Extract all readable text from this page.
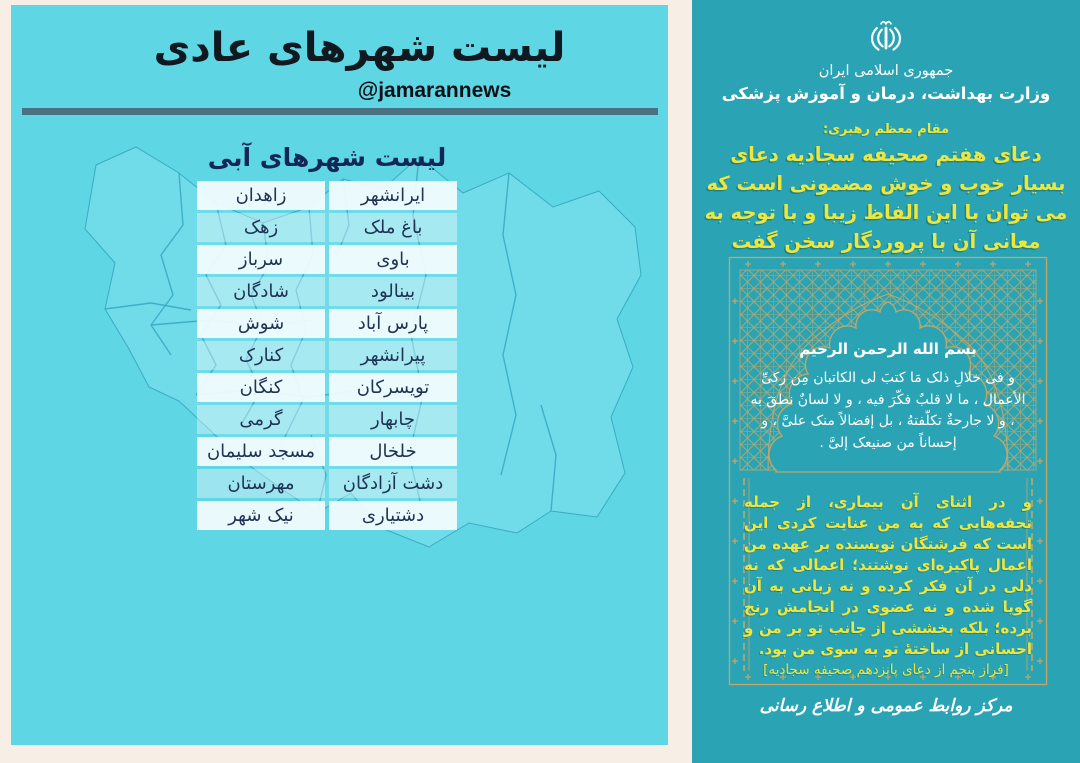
لیست شهرهای عادی
@jamarannews
لیست شهرهای آبی
ایرانشهر
زاهدان
باغ ملک
زهک
باوی
سرباز
بینالود
شادگان
پارس آباد
شوش
پیرانشهر
کنارک
تویسرکان
کنگان
چابهار
گرمی
خلخال
مسجد سلیمان
دشت آزادگان
مهرستان
دشتیاری
نیک شهر
جمهوری اسلامی ایران
وزارت بهداشت، درمان و آموزش پزشکی
مقام معظم رهبری:
دعای هفتم صحیفه سجادیه دعای بسیار خوب و خوش مضمونی است که می توان با این الفاظ زیبا و با توجه به معانی آن با پروردگار سخن گفت
بسم الله الرحمن الرحیم
و فی خلالِ ذلک مَا کتبَ لی الکاتبان مِن زکیِّ الأعمال ، ما لا قلبٌ فکّرَ فیه ، و لا لسانٌ نطقَ به ، و لا جارحةٌ تکلّفتهُ ، بل إفضالاً منک علیَّ ، و إحساناً من صنیعک إلیَّ .
و در اثنای آن بیماری، از جمله تحفه‌هایی که به من عنایت کردی این است که فرشتگان نویسنده بر عهده من اعمال پاکیزه‌ای نوشتند؛ اعمالی که نه دلی در آن فکر کرده و نه زبانی به آن گویا شده و نه عضوی در انجامش رنج برده؛ بلکه بخششی از جانب تو بر من و احسانی از ساختهٔ تو به سوی من بود.
[فراز پنجم از دعای پانزدهم صحیفه سجادیه]
مرکز روابط عمومی و اطلاع رسانی
